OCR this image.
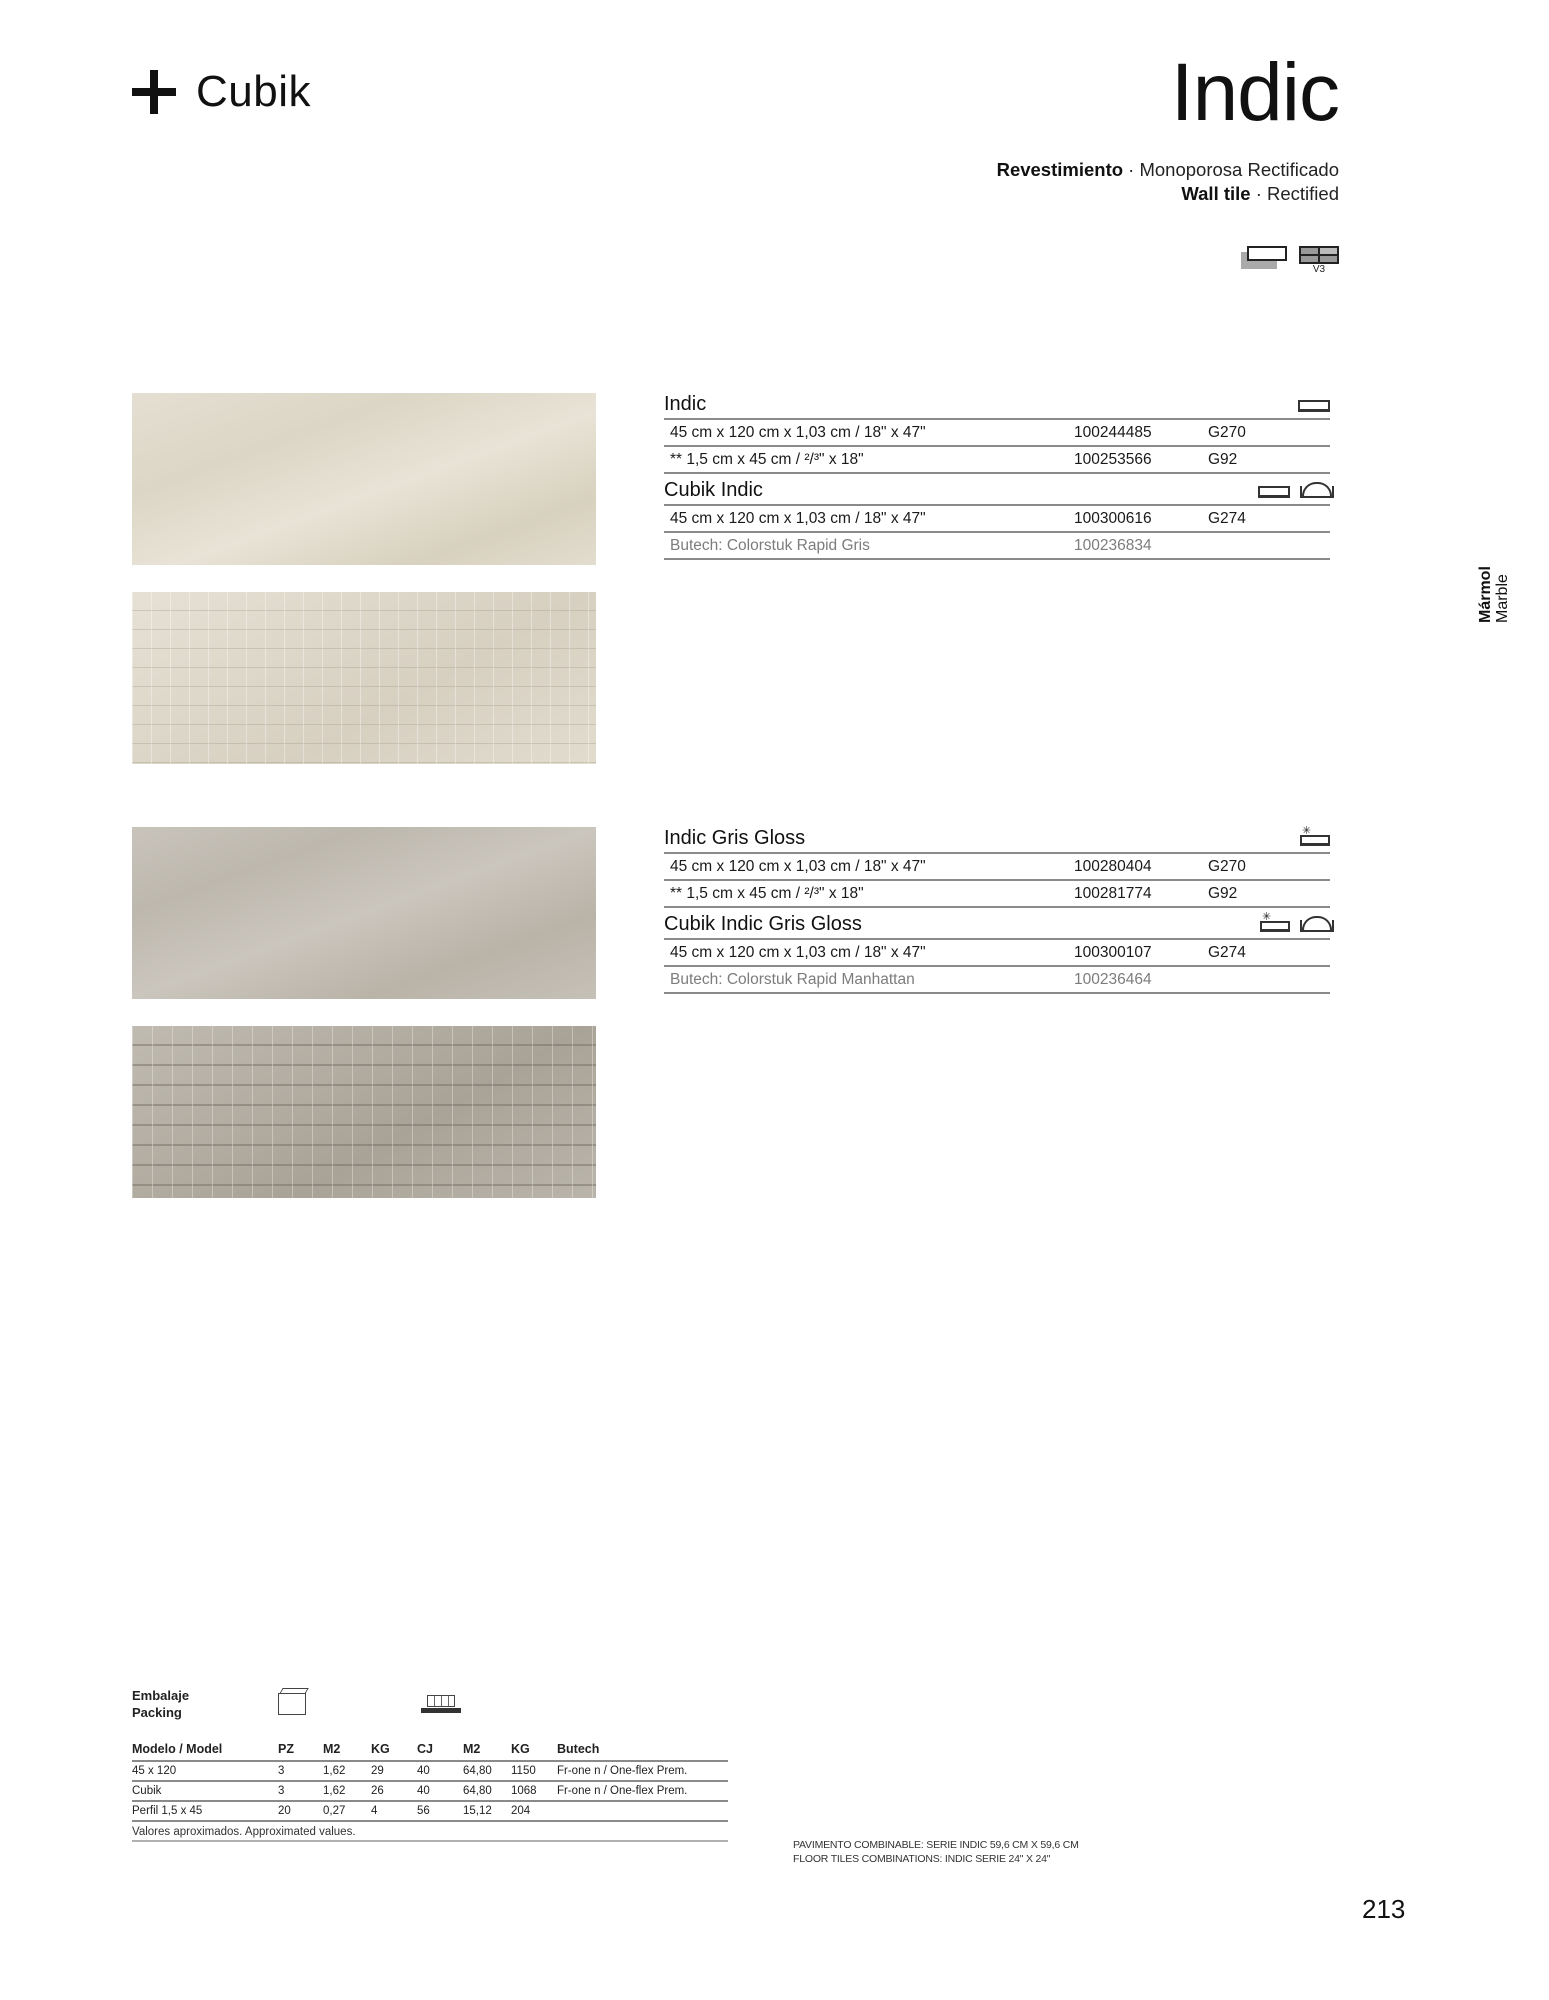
Cubik	Indic
Revestimiento · Monoporosa Rectificado
Wall tile · Rectified
V3
Indic
45 cm x 120 cm x 1,03 cm / 18" x 47"	100244485	G270
** 1,5 cm x 45 cm / ²/³" x 18"	100253566	G92
Cubik Indic
45 cm x 120 cm x 1,03 cm / 18" x 47"	100300616	G274
Butech: Colorstuk Rapid Gris	100236834
Indic Gris Gloss	✳
45 cm x 120 cm x 1,03 cm / 18" x 47"	100280404	G270
** 1,5 cm x 45 cm / ²/³" x 18"	100281774	G92
Cubik Indic Gris Gloss	✳
45 cm x 120 cm x 1,03 cm / 18" x 47"	100300107	G274
Butech: Colorstuk Rapid Manhattan	100236464
Mármol Marble
Embalaje
Packing
Modelo / Model	PZ	M2	KG	CJ	M2	KG	Butech
45 x 120	3	1,62	29	40	64,80	1150	Fr-one n / One-flex Prem.
Cubik	3	1,62	26	40	64,80	1068	Fr-one n / One-flex Prem.
Perfil 1,5 x 45	20	0,27	4	56	15,12	204	
Valores aproximados. Approximated values.
PAVIMENTO COMBINABLE: SERIE INDIC 59,6 CM X 59,6 CM
FLOOR TILES COMBINATIONS: INDIC SERIE 24" X 24"
213
